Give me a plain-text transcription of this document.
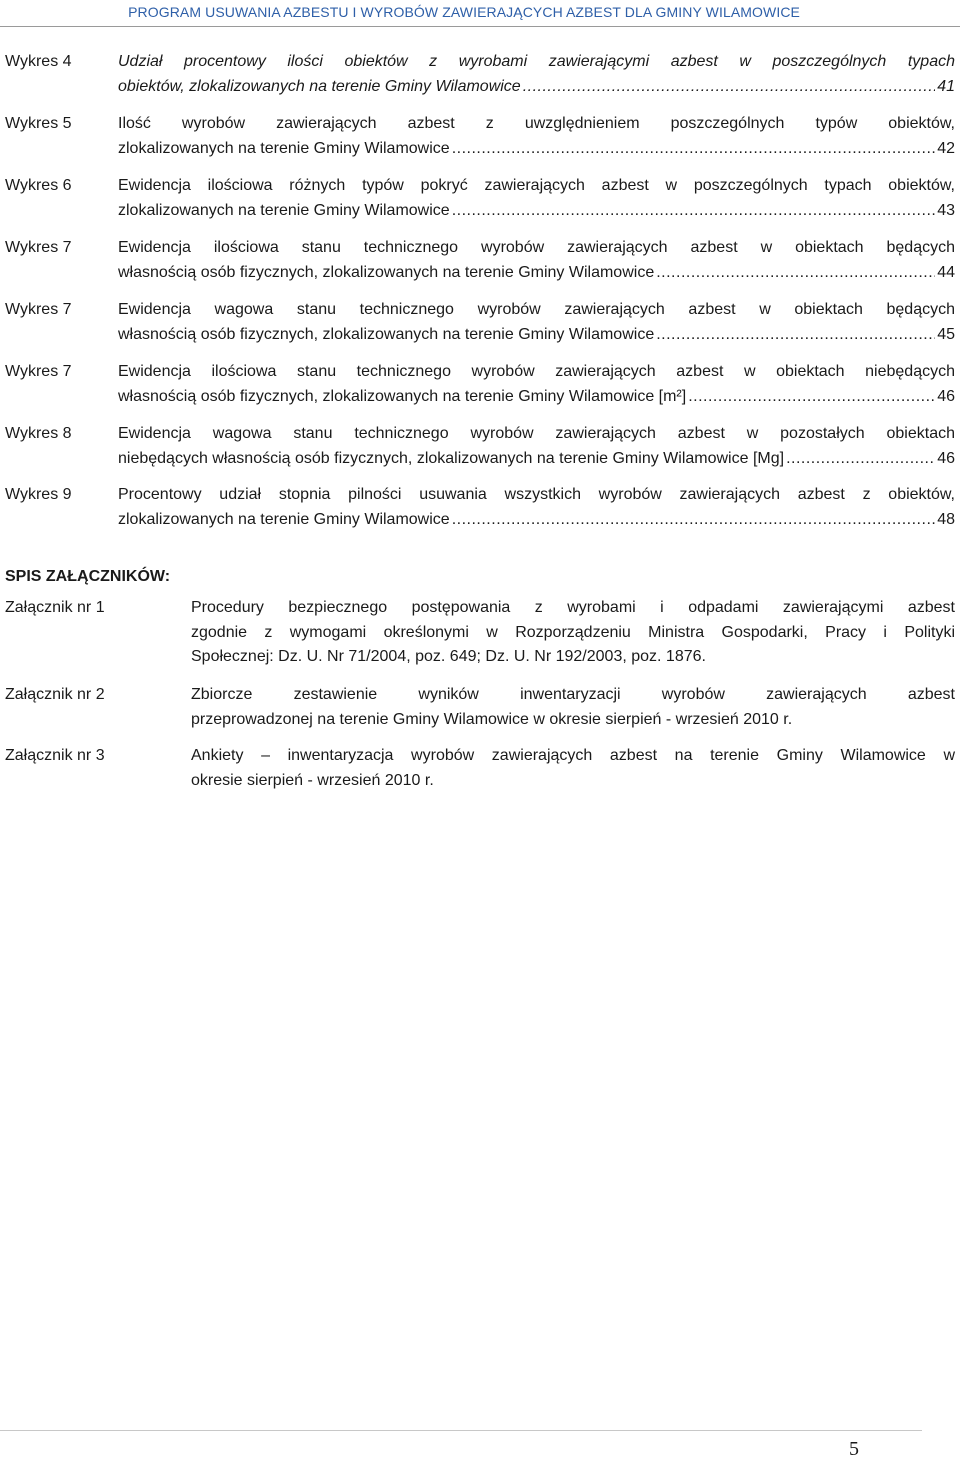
PROGRAM USUWANIA AZBESTU I WYROBÓW ZAWIERAJĄCYCH AZBEST DLA GMINY WILAMOWICE
Wykres 4	Udział procentowy ilości obiektów z wyrobami zawierającymi azbest w poszczególnych typach
obiektów, zlokalizowanych na terenie Gminy Wilamowice .....	41
Wykres 5	Ilość wyrobów zawierających azbest z uwzględnieniem poszczególnych typów obiektów,
zlokalizowanych na terenie Gminy Wilamowice .....	42
Wykres 6	Ewidencja ilościowa różnych typów pokryć zawierających azbest w poszczególnych typach obiektów,
zlokalizowanych na terenie Gminy Wilamowice .....	43
Wykres 7	Ewidencja ilościowa stanu technicznego wyrobów zawierających azbest w obiektach będących
własnością osób fizycznych, zlokalizowanych na terenie Gminy Wilamowice .....	44
Wykres 7	Ewidencja wagowa stanu technicznego wyrobów zawierających azbest w obiektach będących
własnością osób fizycznych, zlokalizowanych na terenie Gminy Wilamowice .....	45
Wykres 7	Ewidencja ilościowa stanu technicznego wyrobów zawierających azbest w obiektach niebędących
własnością osób fizycznych, zlokalizowanych na terenie Gminy Wilamowice [m²] .....	46
Wykres 8	Ewidencja wagowa stanu technicznego wyrobów zawierających azbest w pozostałych obiektach
niebędących własnością osób fizycznych, zlokalizowanych na terenie Gminy Wilamowice [Mg] .....	46
Wykres 9	Procentowy udział stopnia pilności usuwania wszystkich wyrobów zawierających azbest z obiektów,
zlokalizowanych na terenie Gminy Wilamowice .....	48
SPIS ZAŁĄCZNIKÓW:
Załącznik nr 1	Procedury bezpiecznego postępowania z wyrobami i odpadami zawierającymi azbest
zgodnie z wymogami określonymi w Rozporządzeniu Ministra Gospodarki, Pracy i Polityki
Społecznej: Dz. U. Nr 71/2004, poz. 649; Dz. U. Nr 192/2003, poz. 1876.
Załącznik nr 2	Zbiorcze zestawienie wyników inwentaryzacji wyrobów zawierających azbest
przeprowadzonej na terenie Gminy Wilamowice w okresie sierpień - wrzesień 2010 r.
Załącznik nr 3	Ankiety – inwentaryzacja wyrobów zawierających azbest na terenie Gminy Wilamowice w
okresie sierpień - wrzesień 2010 r.
5
